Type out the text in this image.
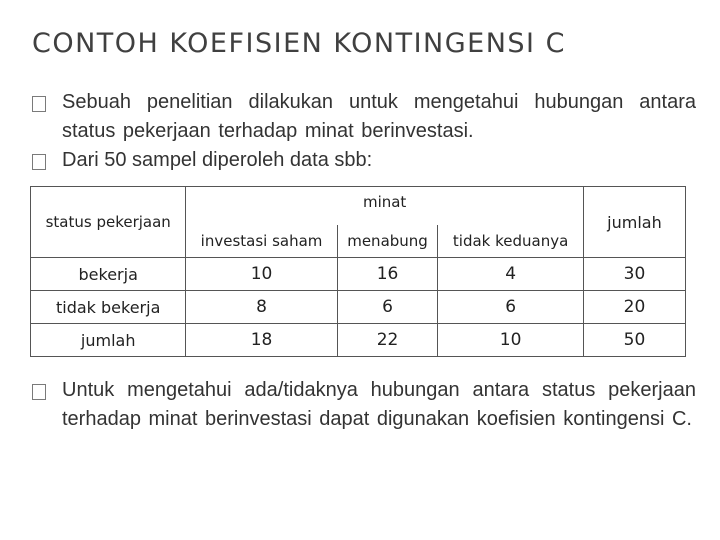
CONTOH KOEFISIEN KONTINGENSI C
Sebuah penelitian dilakukan untuk mengetahui hubungan antara status pekerjaan terhadap minat berinvestasi.
Dari 50 sampel diperoleh data sbb:
status pekerjaan	minat			jumlah
	investasi saham	menabung	tidak keduanya	
bekerja	10	16	4	30
tidak bekerja	8	6	6	20
jumlah	18	22	10	50
Untuk mengetahui ada/tidaknya hubungan antara status pekerjaan terhadap minat berinvestasi dapat digunakan koefisien kontingensi C.
